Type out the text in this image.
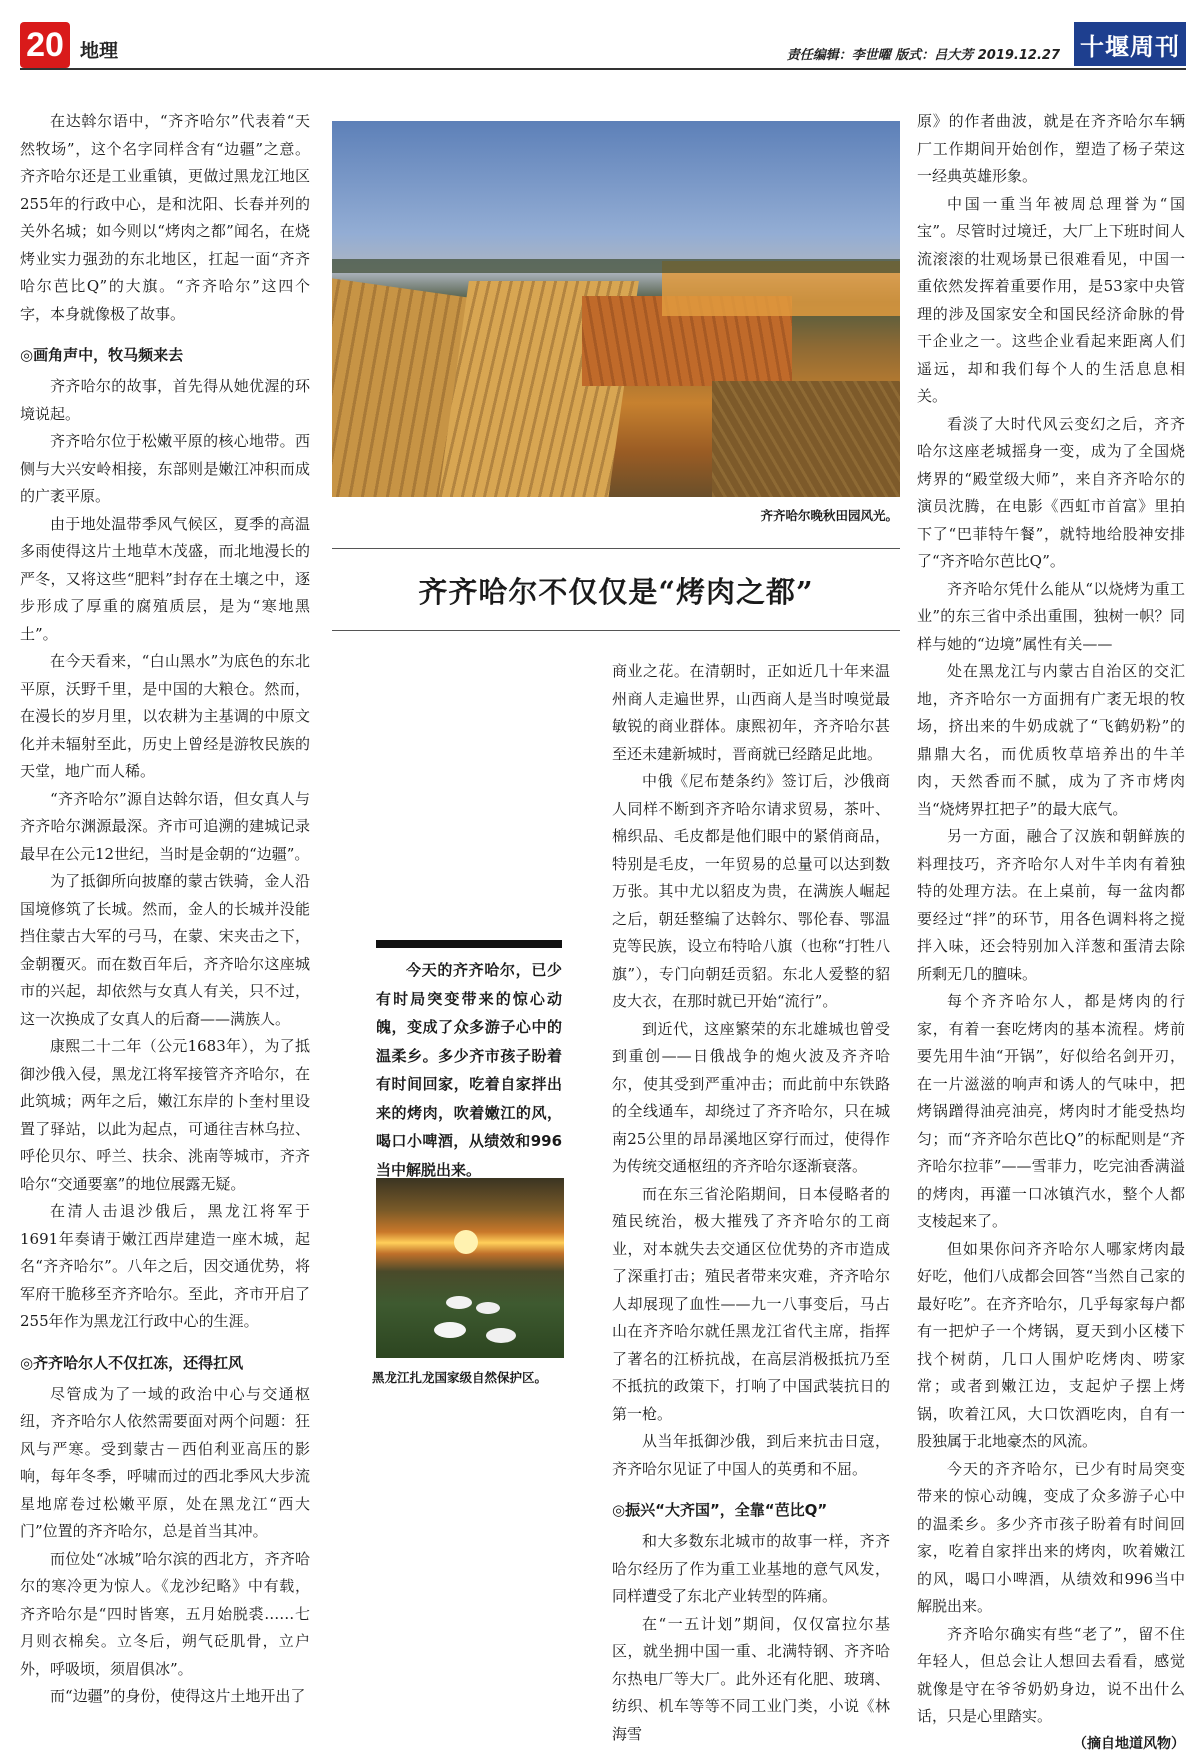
20 地理	责任编辑：李世曜 版式：吕大芳 2019.12.27 十堰周刊

在达斡尔语中，“齐齐哈尔”代表着“天然牧场”，这个名字同样含有“边疆”之意。齐齐哈尔还是工业重镇，更做过黑龙江地区255年的行政中心，是和沈阳、长春并列的关外名城；如今则以“烤肉之都”闻名，在烧烤业实力强劲的东北地区，扛起一面“齐齐哈尔芭比Q”的大旗。“齐齐哈尔”这四个字，本身就像极了故事。

◎画角声中，牧马频来去

齐齐哈尔的故事，首先得从她优渥的环境说起。

齐齐哈尔位于松嫩平原的核心地带。西侧与大兴安岭相接，东部则是嫩江冲积而成的广袤平原。

由于地处温带季风气候区，夏季的高温多雨使得这片土地草木茂盛，而北地漫长的严冬，又将这些“肥料”封存在土壤之中，逐步形成了厚重的腐殖质层，是为“寒地黑土”。

在今天看来，“白山黑水”为底色的东北平原，沃野千里，是中国的大粮仓。然而，在漫长的岁月里，以农耕为主基调的中原文化并未辐射至此，历史上曾经是游牧民族的天堂，地广而人稀。

“齐齐哈尔”源自达斡尔语，但女真人与齐齐哈尔渊源最深。齐市可追溯的建城记录最早在公元12世纪，当时是金朝的“边疆”。

为了抵御所向披靡的蒙古铁骑，金人沿国境修筑了长城。然而，金人的长城并没能挡住蒙古大军的弓马，在蒙、宋夹击之下，金朝覆灭。而在数百年后，齐齐哈尔这座城市的兴起，却依然与女真人有关，只不过，这一次换成了女真人的后裔——满族人。

康熙二十二年（公元1683年），为了抵御沙俄入侵，黑龙江将军接管齐齐哈尔，在此筑城；两年之后，嫩江东岸的卜奎村里设置了驿站，以此为起点，可通往吉林乌拉、呼伦贝尔、呼兰、扶余、洮南等城市，齐齐哈尔“交通要塞”的地位展露无疑。

在清人击退沙俄后，黑龙江将军于1691年奏请于嫩江西岸建造一座木城，起名“齐齐哈尔”。八年之后，因交通优势，将军府干脆移至齐齐哈尔。至此，齐市开启了255年作为黑龙江行政中心的生涯。

◎齐齐哈尔人不仅扛冻，还得扛风

尽管成为了一域的政治中心与交通枢纽，齐齐哈尔人依然需要面对两个问题：狂风与严寒。受到蒙古－西伯利亚高压的影响，每年冬季，呼啸而过的西北季风大步流星地席卷过松嫩平原，处在黑龙江“西大门”位置的齐齐哈尔，总是首当其冲。

而位处“冰城”哈尔滨的西北方，齐齐哈尔的寒冷更为惊人。《龙沙纪略》中有载，齐齐哈尔是“四时皆寒，五月始脱裘……七月则衣棉矣。立冬后，朔气砭肌骨，立户外，呼吸顷，须眉俱冰”。

而“边疆”的身份，使得这片土地开出了

齐齐哈尔晚秋田园风光。
齐齐哈尔不仅仅是“烤肉之都”
今天的齐齐哈尔，已少有时局突变带来的惊心动魄，变成了众多游子心中的温柔乡。多少齐市孩子盼着有时间回家，吃着自家拌出来的烤肉，吹着嫩江的风，喝口小啤酒，从绩效和996当中解脱出来。
黑龙江扎龙国家级自然保护区。

商业之花。在清朝时，正如近几十年来温州商人走遍世界，山西商人是当时嗅觉最敏锐的商业群体。康熙初年，齐齐哈尔甚至还未建新城时，晋商就已经踏足此地。

中俄《尼布楚条约》签订后，沙俄商人同样不断到齐齐哈尔请求贸易，茶叶、棉织品、毛皮都是他们眼中的紧俏商品，特别是毛皮，一年贸易的总量可以达到数万张。其中尤以貂皮为贵，在满族人崛起之后，朝廷整编了达斡尔、鄂伦春、鄂温克等民族，设立布特哈八旗（也称“打牲八旗”），专门向朝廷贡貂。东北人爱整的貂皮大衣，在那时就已开始“流行”。

到近代，这座繁荣的东北雄城也曾受到重创——日俄战争的炮火波及齐齐哈尔，使其受到严重冲击；而此前中东铁路的全线通车，却绕过了齐齐哈尔，只在城南25公里的昂昂溪地区穿行而过，使得作为传统交通枢纽的齐齐哈尔逐渐衰落。

而在东三省沦陷期间，日本侵略者的殖民统治，极大摧残了齐齐哈尔的工商业，对本就失去交通区位优势的齐市造成了深重打击；殖民者带来灾难，齐齐哈尔人却展现了血性——九一八事变后，马占山在齐齐哈尔就任黑龙江省代主席，指挥了著名的江桥抗战，在高层消极抵抗乃至不抵抗的政策下，打响了中国武装抗日的第一枪。

从当年抵御沙俄，到后来抗击日寇，齐齐哈尔见证了中国人的英勇和不屈。

◎振兴“大齐国”，全靠“芭比Q”

和大多数东北城市的故事一样，齐齐哈尔经历了作为重工业基地的意气风发，同样遭受了东北产业转型的阵痛。

在“一五计划”期间，仅仅富拉尔基区，就坐拥中国一重、北满特钢、齐齐哈尔热电厂等大厂。此外还有化肥、玻璃、纺织、机车等等不同工业门类，小说《林海雪

原》的作者曲波，就是在齐齐哈尔车辆厂工作期间开始创作，塑造了杨子荣这一经典英雄形象。

中国一重当年被周总理誉为“国宝”。尽管时过境迁，大厂上下班时间人流滚滚的壮观场景已很难看见，中国一重依然发挥着重要作用，是53家中央管理的涉及国家安全和国民经济命脉的骨干企业之一。这些企业看起来距离人们遥远，却和我们每个人的生活息息相关。

看淡了大时代风云变幻之后，齐齐哈尔这座老城摇身一变，成为了全国烧烤界的“殿堂级大师”，来自齐齐哈尔的演员沈腾，在电影《西虹市首富》里拍下了“巴菲特午餐”，就特地给股神安排了“齐齐哈尔芭比Q”。

齐齐哈尔凭什么能从“以烧烤为重工业”的东三省中杀出重围，独树一帜？同样与她的“边境”属性有关——

处在黑龙江与内蒙古自治区的交汇地，齐齐哈尔一方面拥有广袤无垠的牧场，挤出来的牛奶成就了“飞鹤奶粉”的鼎鼎大名，而优质牧草培养出的牛羊肉，天然香而不腻，成为了齐市烤肉当“烧烤界扛把子”的最大底气。

另一方面，融合了汉族和朝鲜族的料理技巧，齐齐哈尔人对牛羊肉有着独特的处理方法。在上桌前，每一盆肉都要经过“拌”的环节，用各色调料将之搅拌入味，还会特别加入洋葱和蛋清去除所剩无几的膻味。

每个齐齐哈尔人，都是烤肉的行家，有着一套吃烤肉的基本流程。烤前要先用牛油“开锅”，好似给名剑开刃，在一片滋滋的响声和诱人的气味中，把烤锅蹭得油亮油亮，烤肉时才能受热均匀；而“齐齐哈尔芭比Q”的标配则是“齐齐哈尔拉菲”——雪菲力，吃完油香满溢的烤肉，再灌一口冰镇汽水，整个人都支棱起来了。

但如果你问齐齐哈尔人哪家烤肉最好吃，他们八成都会回答“当然自己家的最好吃”。在齐齐哈尔，几乎每家每户都有一把炉子一个烤锅，夏天到小区楼下找个树荫，几口人围炉吃烤肉、唠家常；或者到嫩江边，支起炉子摆上烤锅，吹着江风，大口饮酒吃肉，自有一股独属于北地豪杰的风流。

今天的齐齐哈尔，已少有时局突变带来的惊心动魄，变成了众多游子心中的温柔乡。多少齐市孩子盼着有时间回家，吃着自家拌出来的烤肉，吹着嫩江的风，喝口小啤酒，从绩效和996当中解脱出来。

齐齐哈尔确实有些“老了”，留不住年轻人，但总会让人想回去看看，感觉就像是守在爷爷奶奶身边，说不出什么话，只是心里踏实。

（摘自地道风物）
